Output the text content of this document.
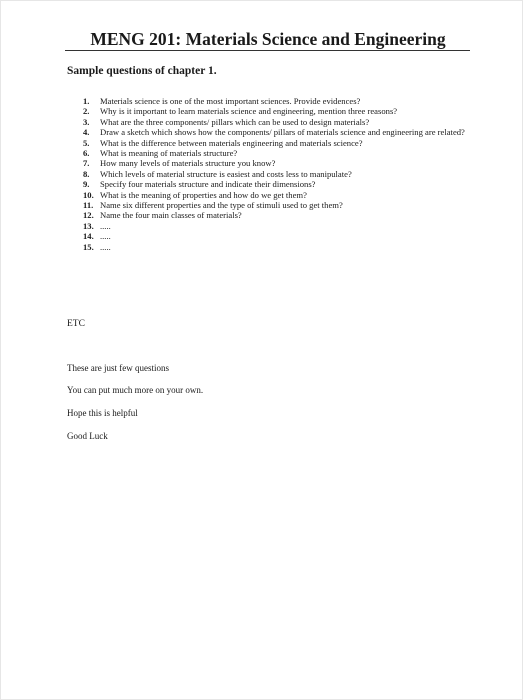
MENG 201: Materials Science and Engineering
Sample questions of chapter 1.
1.	Materials science is one of the most important sciences. Provide evidences?
2.	Why is it important to learn materials science and engineering, mention three reasons?
3.	What are the three components/ pillars which can be used to design materials?
4.	Draw a sketch which shows how the components/ pillars of materials science and engineering are related?
5.	What is the difference between materials engineering and materials science?
6.	What is meaning of materials structure?
7.	How many levels of materials structure you know?
8.	Which levels of material structure is easiest and costs less to manipulate?
9.	Specify four materials structure and indicate their dimensions?
10. What is the meaning of properties and how do we get them?
11. Name six different properties and the type of stimuli used to get them?
12. Name the four main classes of materials?
13. .....
14. .....
15. .....
ETC
These are just few questions
You can put much more on your own.
Hope this is helpful
Good Luck
